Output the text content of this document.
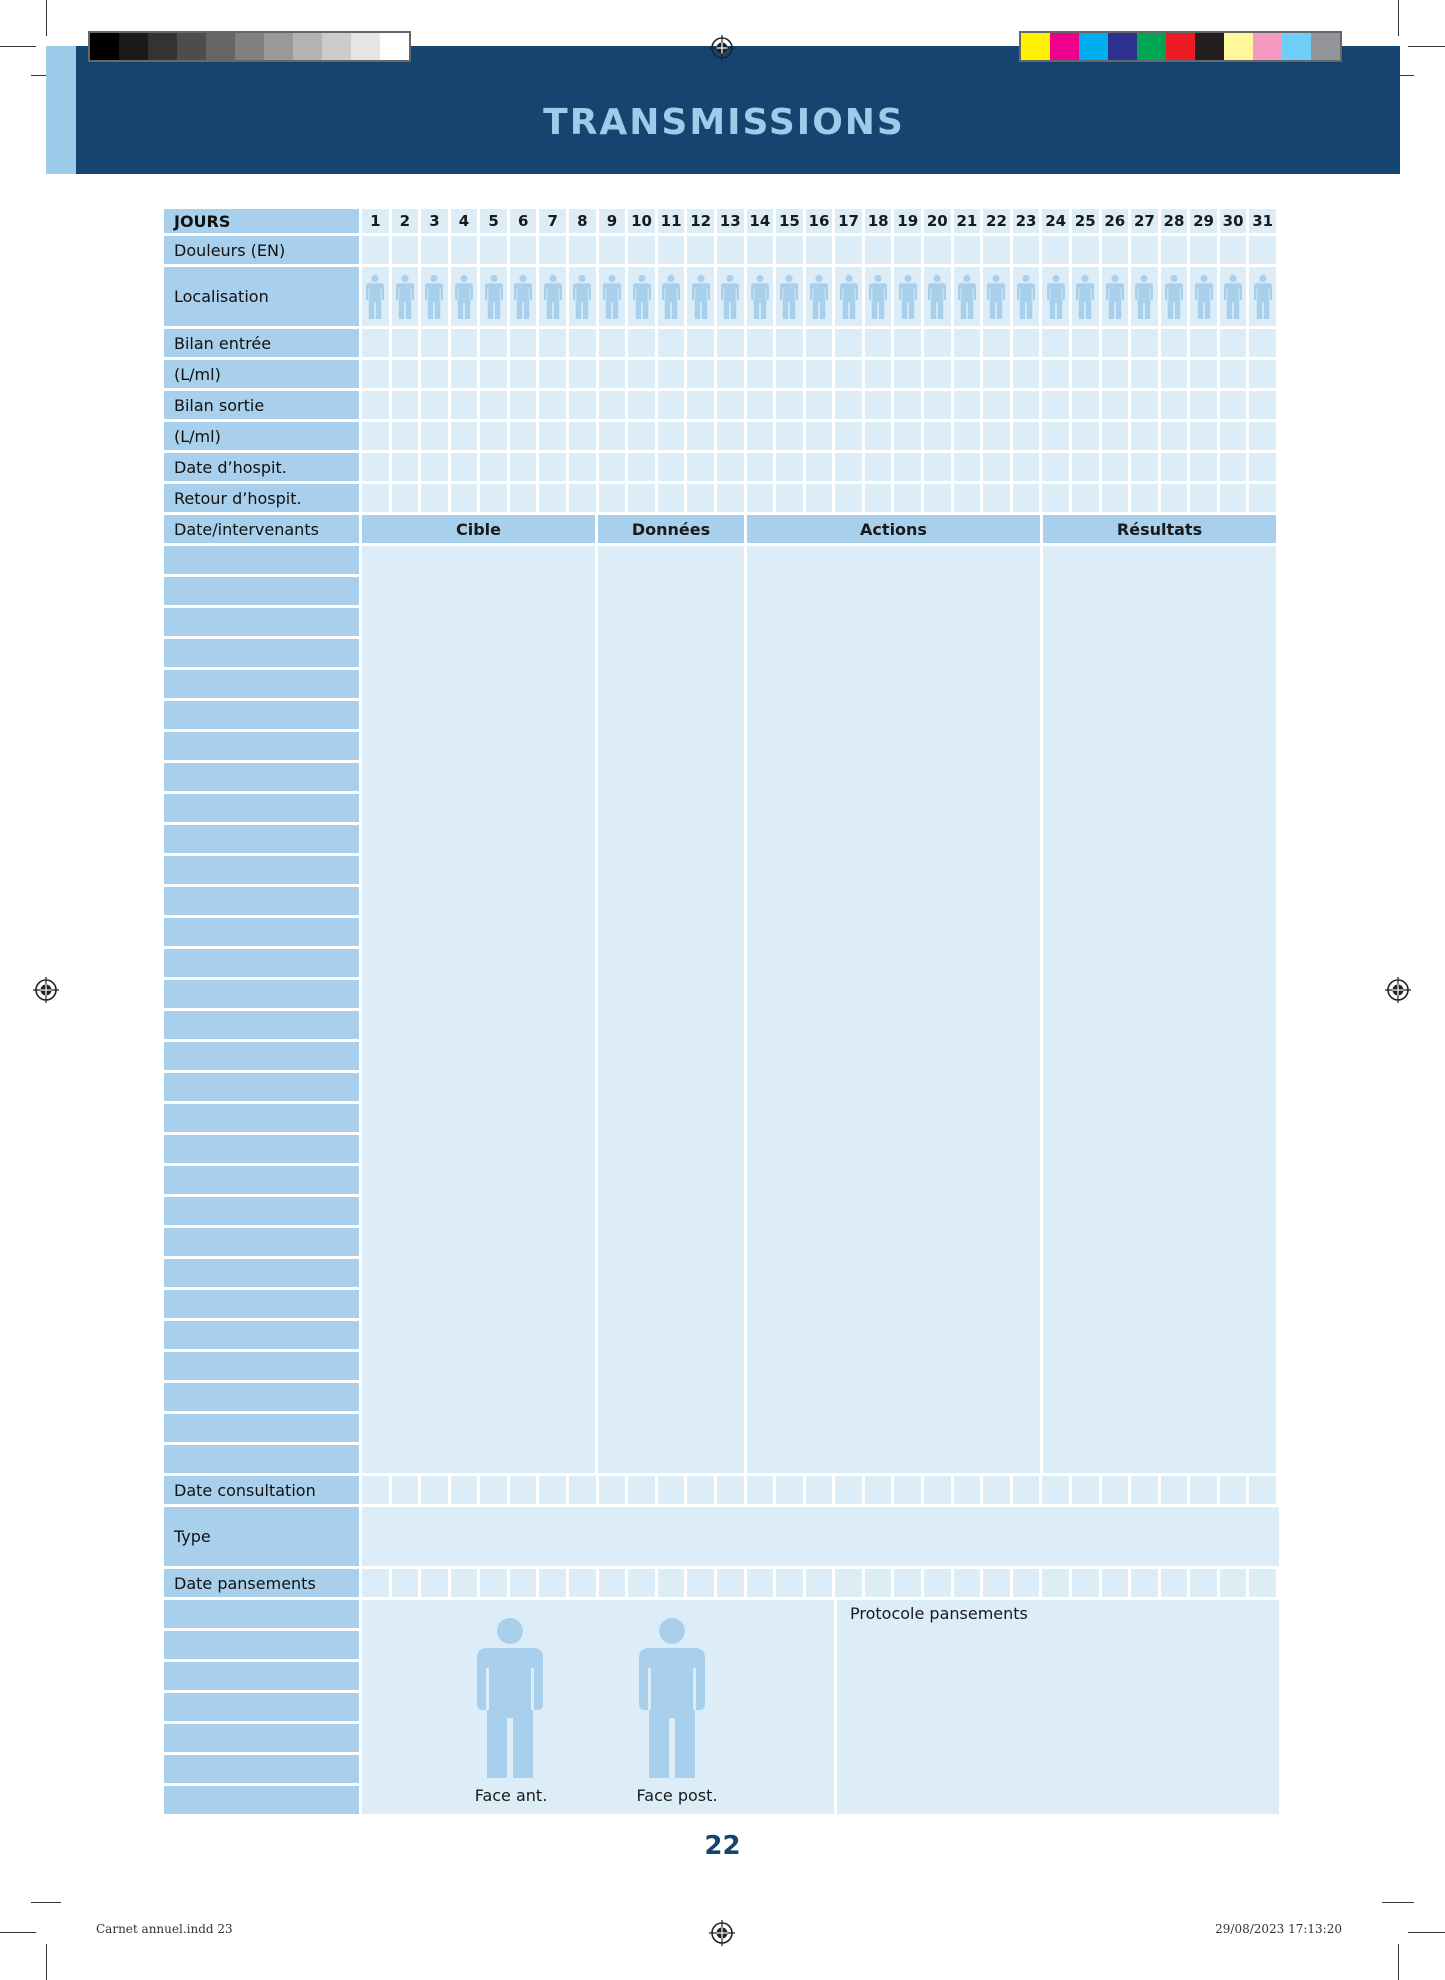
TRANSMISSIONS
JOURS	1	2	3	4	5	6	7	8	9 10 11 12 13 14 15 16 17 18 19 20 21 22 23 24 25 26 27 28 29 30 31
Douleurs (EN)
Localisation
Bilan entrée
(L/ml)
Bilan sortie
(L/ml)
Date d’hospit.
Retour d’hospit.
Date/intervenants	Cible	Données	Actions	Résultats
Date consultation
Type
Date pansements
Face ant.	Face post.
Protocole pansements
22
Carnet annuel.indd 23	29/08/2023 17:13:20
